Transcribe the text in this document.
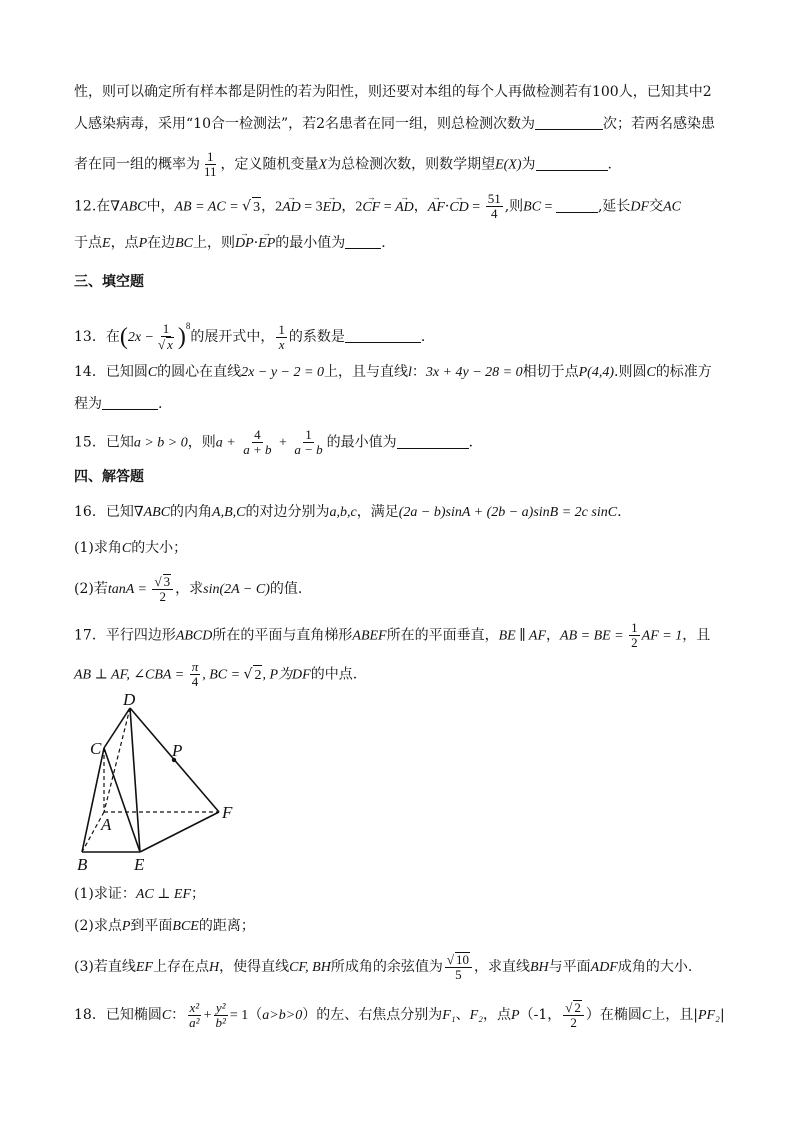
性，则可以确定所有样本都是阴性的若为阳性，则还要对本组的每个人再做检测若有100人，已知其中2
人感染病毒，采用“10合一检测法”，若2名患者在同一组，则总检测次数为	次；若两名感染患
者在同一组的概率为 $\frac{1}{11}$ ，定义随机变量X为总检测次数，则数学期望E(X)为	.
12.在∇ABC中，AB = AC = √ 3，2→ AD = 3→ ED，2→ CF = → AD，→ AF·→ CD = $\frac{51}{4}$ ,则BC =	,延长DF交AC
于点E，点P在边BC上，则→ DP·→ EP的最小值为	.
三、填空题
13．在$(2x - \frac{1}{√ x} )^8$的展开式中， $\frac{1}{x}$ 的系数是	.
14．已知圆C的圆心在直线2x − y − 2 = 0上，且与直线l：3x + 4y − 28 = 0相切于点P(4,4).则圆C的标准方
程为	.
15．已知a > b > 0，则$a + \frac{4}{a + b} + \frac{1}{a - b}$ 的最小值为	．
四、解答题
16．已知∇ABC的内角A,B,C的对边分别为a,b,c，满足(2a − b)sinA + (2b − a)sinB = 2c sinC.
(1)求角C的大小；
(2)若$\tan A = \frac{√ 3}{2}$ ，求sin(2A − C)的值.
17．平行四边形ABCD所在的平面与直角梯形ABEF所在的平面垂直，BE ∥ AF，AB = BE = $\frac{1}{2}$ AF = 1，且
AB ⊥ AF, ∠CBA = $\frac{\pi}{4}$ , BC = √ 2, P为DF的中点.
D
C	P
A
F
B	E
(1)求证：AC ⊥ EF；
(2)求点P到平面BCE的距离；
(3)若直线EF上存在点H，使得直线CF, BH所成角的余弦值为 $\frac{√ 10}{5}$ ，求直线BH与平面ADF成角的大小.
18．已知椭圆C： $\frac{\text{x²}}{\text{a²}} + \frac{\text{y²}}{\text{b²}} = 1(a>b>0)$的左、右焦点分别为F₁、F₂，点P（-1， $\frac{√ 2}{2}$ ）在椭圆C上，且|PF₂|
